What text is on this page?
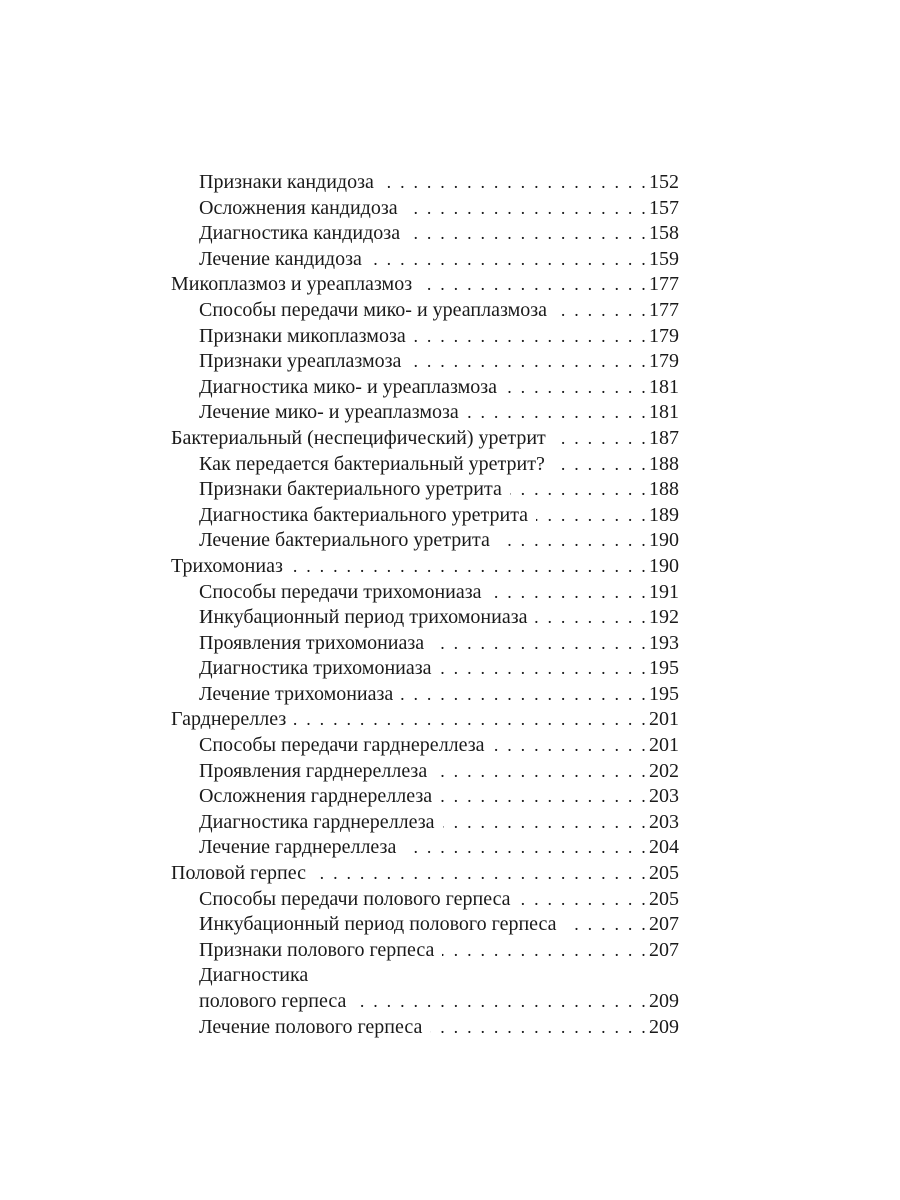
Признаки кандидоза . . .	152
Осложнения кандидоза . . .	157
Диагностика кандидоза . . .	158
Лечение кандидоза . . .	159
Микоплазмоз и уреаплазмоз . . .	177
Способы передачи мико- и уреаплазмоза . . .	177
Признаки микоплазмоза . . .	179
Признаки уреаплазмоза . . .	179
Диагностика мико- и уреаплазмоза . . .	181
Лечение мико- и уреаплазмоза . . .	181
Бактериальный (неспецифический) уретрит . . .	187
Как передается бактериальный уретрит? . . .	188
Признаки бактериального уретрита . . .	188
Диагностика бактериального уретрита . . .	189
Лечение бактериального уретрита . . .	190
Трихомониаз . . .	190
Способы передачи трихомониаза . . .	191
Инкубационный период трихомониаза . . .	192
Проявления трихомониаза . . .	193
Диагностика трихомониаза . . .	195
Лечение трихомониаза . . .	195
Гарднереллез . . .	201
Способы передачи гарднереллеза . . .	201
Проявления гарднереллеза . . .	202
Осложнения гарднереллеза . . .	203
Диагностика гарднереллеза . . .	203
Лечение гарднереллеза . . .	204
Половой герпес . . .	205
Способы передачи полового герпеса . . .	205
Инкубационный период полового герпеса . . .	207
Признаки полового герпеса . . .	207
Диагностика
полового герпеса . . .	209
Лечение полового герпеса . . .	209
